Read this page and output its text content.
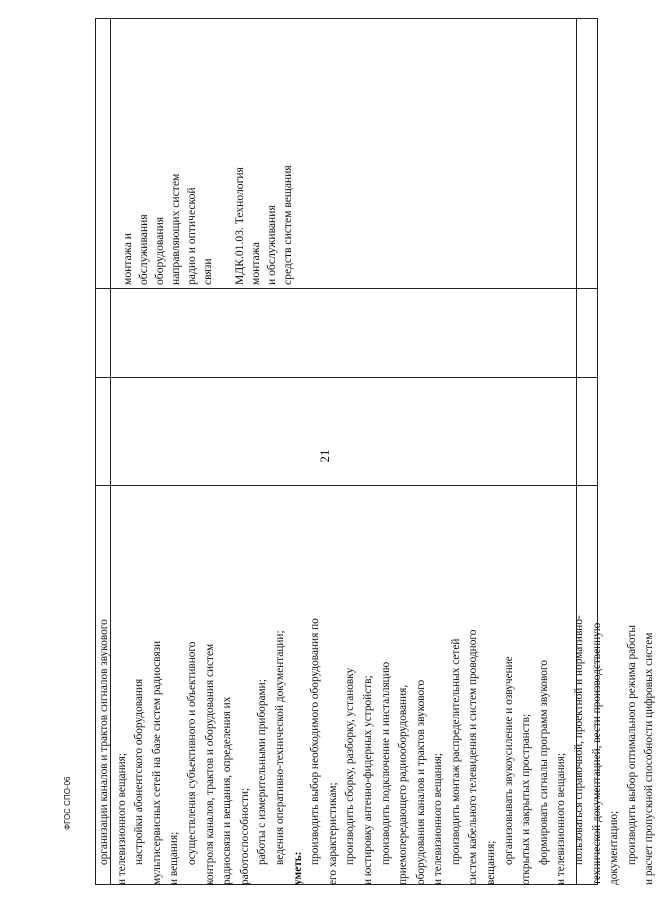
21
ФГОС СПО-06 организации каналов и трактов сигналов звукового и телевизионного вещания; настройки абонентского оборудования мультисервисных сетей на базе систем радиосвязи и вещания; осуществления субъективного и объективного контроля каналов, трактов и оборудования систем радиосвязи и вещания, определения их работоспособности; работы с измерительными приборами; ведения оперативно-технической документации;
уметь:
производить выбор необходимого оборудования по его характеристикам; производить сборку, разборку, установку и юстировку антенно-фидерных устройств; производить подключение и инсталляцию приемопередающего радиооборудования, оборудования каналов и трактов звукового и телевизионного вещания; производить монтаж распределительных сетей систем кабельного телевидения и систем проводного вещания; организовывать звукоусиление и озвучение открытых и закрытых пространств; формировать сигналы программ звукового и телевизионного вещания; пользоваться справочной, проектной и нормативно- технической документацией, вести производственную документацию; производить выбор оптимального режима работы и расчет пропускной способности цифровых систем
монтажа и обслуживания оборудования направляющих систем радио и оптической связи МДК.01.03. Технология монтажа и обслуживания средств систем вещания
